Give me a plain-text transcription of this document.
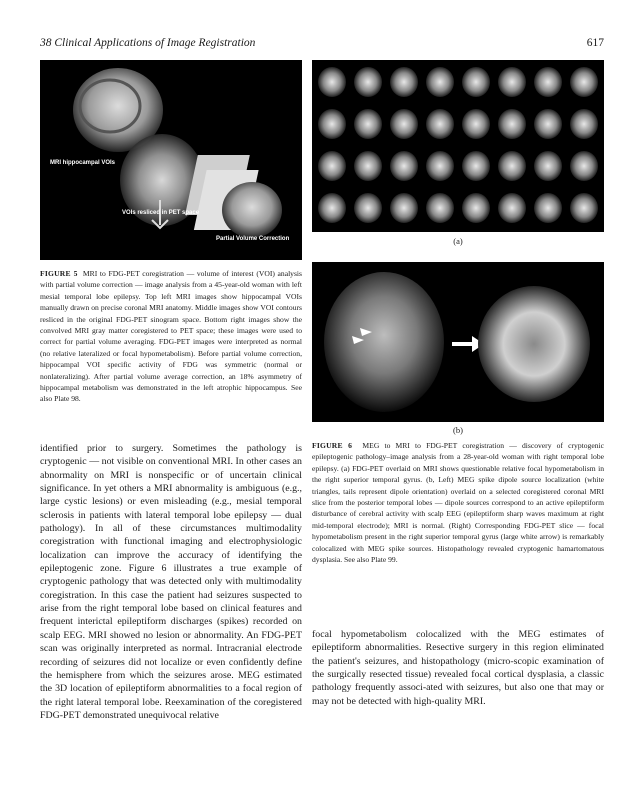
38 Clinical Applications of Image Registration	617
MRI hippocampal VOIs
VOIs resliced in PET space
Partial Volume Correction	(a)
(b)
FIGURE 5 MRI to FDG-PET coregistration — volume of interest (VOI) analysis with partial volume correction — image analysis from a 45-year-old woman with left mesial temporal lobe epilepsy. Top left MRI images show hippocampal VOIs manually drawn on precise coronal MRI anatomy. Middle images show VOI contours resliced in the original FDG-PET sinogram space. Bottom right images show the convolved MRI gray matter coregistered to PET space; these images were used to correct for partial volume averaging. FDG-PET images were interpreted as normal (no relative lateralized or focal hypometabolism). Before partial volume correction, hippocampal VOI specific activity of FDG was symmetric (normal or nonlateralizing). After partial volume average correction, an 18% asymmetry of hippocampal metabolism was demonstrated in the left atrophic hippocampus. See also Plate 98.
FIGURE 6 MEG to MRI to FDG-PET coregistration — discovery of cryptogenic epileptogenic pathology–image analysis from a 28-year-old woman with right temporal lobe epilepsy. (a) FDG-PET overlaid on MRI shows questionable relative focal hypometabolism in the right superior temporal gyrus. (b, Left) MEG spike dipole source localization (white triangles, tails represent dipole orientation) overlaid on a selected coregistered coronal MRI slice from the posterior temporal lobes — dipole sources correspond to an active epileptiform disturbance of cerebral activity with scalp EEG (epileptiform sharp waves maximum at right mid-temporal electrode); MRI is normal. (Right) Corresponding FDG-PET slice — focal hypometabolism present in the right superior temporal gyrus (large white arrow) is remarkably colocalized with MEG spike sources. Histopathology revealed cryptogenic hamartomatous dysplasia. See also Plate 99.

identified prior to surgery. Sometimes the pathology is cryptogenic — not visible on conventional MRI. In other cases an abnormality on MRI is nonspecific or of uncertain clinical significance. In yet others a MRI abnormality is ambiguous (e.g., large cystic lesions) or even misleading (e.g., mesial temporal sclerosis in patients with lateral temporal lobe epilepsy — dual pathology). In all of these circumstances multimodality coregistration with functional imaging and electrophysiologic localization can improve the accuracy of identifying the epileptogenic zone. Figure 6 illustrates a true example of cryptogenic pathology that was detected only with multimodality coregistration. In this case the patient had seizures suspected to arise from the right temporal lobe based on clinical features and frequent interictal epileptiform discharges (spikes) recorded on scalp EEG. MRI showed no lesion or abnormality. An FDG-PET scan was originally interpreted as normal. Intracranial electrode recording of seizures did not localize or even confidently define the hemisphere from which the seizures arose. MEG estimated the 3D location of epileptiform abnormalities to a focal region of the right lateral temporal lobe. Reexamination of the coregistered FDG-PET demonstrated unequivocal relative

focal hypometabolism colocalized with the MEG estimates of epileptiform abnormalities. Resective surgery in this region eliminated the patient's seizures, and histopathology (micro-scopic examination of the surgically resected tissue) revealed focal cortical dysplasia, a classic pathology frequently associ-ated with seizures, but also one that may or may not be detected with high-quality MRI.
